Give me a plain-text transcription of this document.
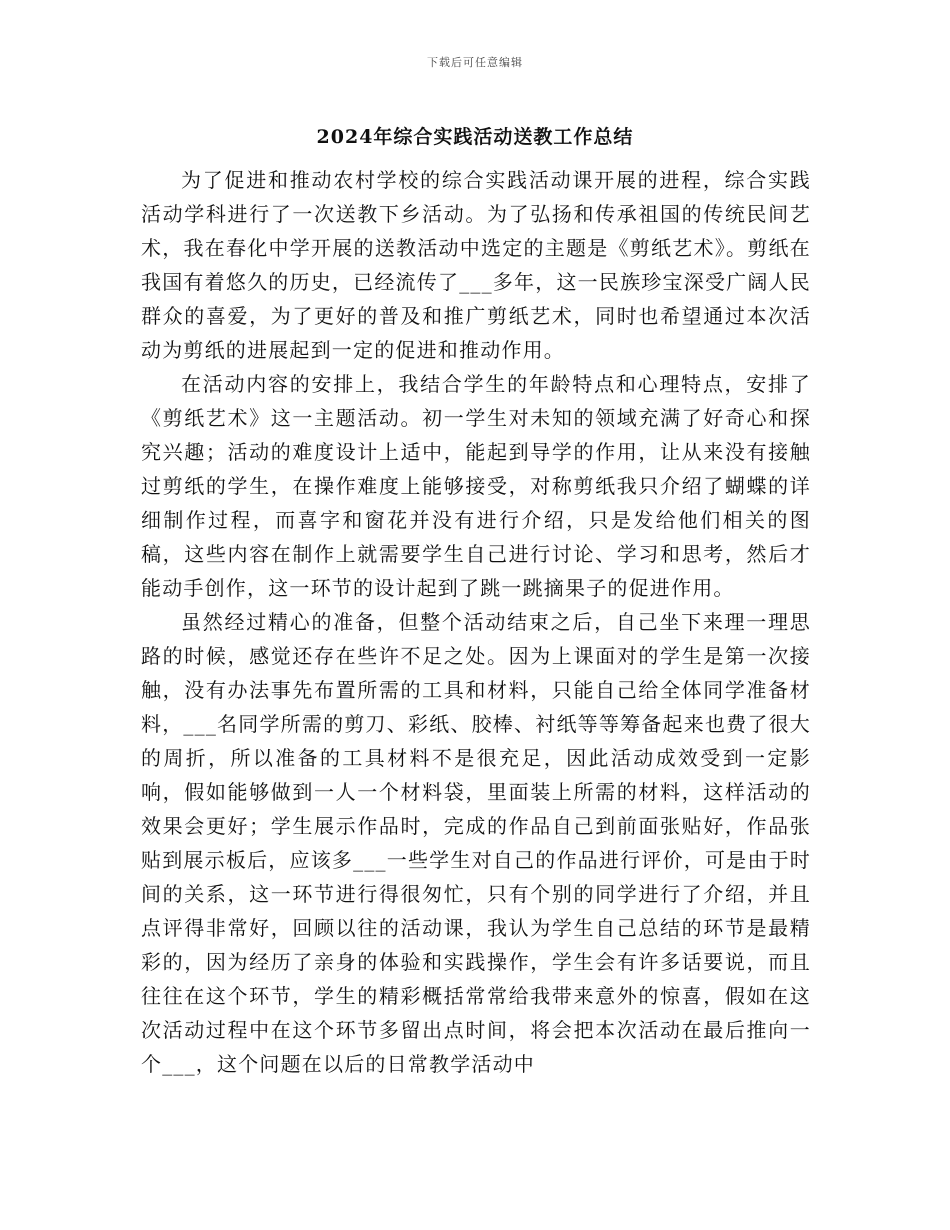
下载后可任意编辑
2024年综合实践活动送教工作总结

为了促进和推动农村学校的综合实践活动课开展的进程，综合实践活动学科进行了一次送教下乡活动。为了弘扬和传承祖国的传统民间艺术，我在春化中学开展的送教活动中选定的主题是《剪纸艺术》。剪纸在我国有着悠久的历史，已经流传了___多年，这一民族珍宝深受广阔人民群众的喜爱，为了更好的普及和推广剪纸艺术，同时也希望通过本次活动为剪纸的进展起到一定的促进和推动作用。

在活动内容的安排上，我结合学生的年龄特点和心理特点，安排了《剪纸艺术》这一主题活动。初一学生对未知的领域充满了好奇心和探究兴趣；活动的难度设计上适中，能起到导学的作用，让从来没有接触过剪纸的学生，在操作难度上能够接受，对称剪纸我只介绍了蝴蝶的详细制作过程，而喜字和窗花并没有进行介绍，只是发给他们相关的图稿，这些内容在制作上就需要学生自己进行讨论、学习和思考，然后才能动手创作，这一环节的设计起到了跳一跳摘果子的促进作用。

虽然经过精心的准备，但整个活动结束之后，自己坐下来理一理思路的时候，感觉还存在些许不足之处。因为上课面对的学生是第一次接触，没有办法事先布置所需的工具和材料，只能自己给全体同学准备材料，___名同学所需的剪刀、彩纸、胶棒、衬纸等等筹备起来也费了很大的周折，所以准备的工具材料不是很充足，因此活动成效受到一定影响，假如能够做到一人一个材料袋，里面装上所需的材料，这样活动的效果会更好；学生展示作品时，完成的作品自己到前面张贴好，作品张贴到展示板后，应该多___一些学生对自己的作品进行评价，可是由于时间的关系，这一环节进行得很匆忙，只有个别的同学进行了介绍，并且点评得非常好，回顾以往的活动课，我认为学生自己总结的环节是最精彩的，因为经历了亲身的体验和实践操作，学生会有许多话要说，而且往往在这个环节，学生的精彩概括常常给我带来意外的惊喜，假如在这次活动过程中在这个环节多留出点时间，将会把本次活动在最后推向一个___，这个问题在以后的日常教学活动中
